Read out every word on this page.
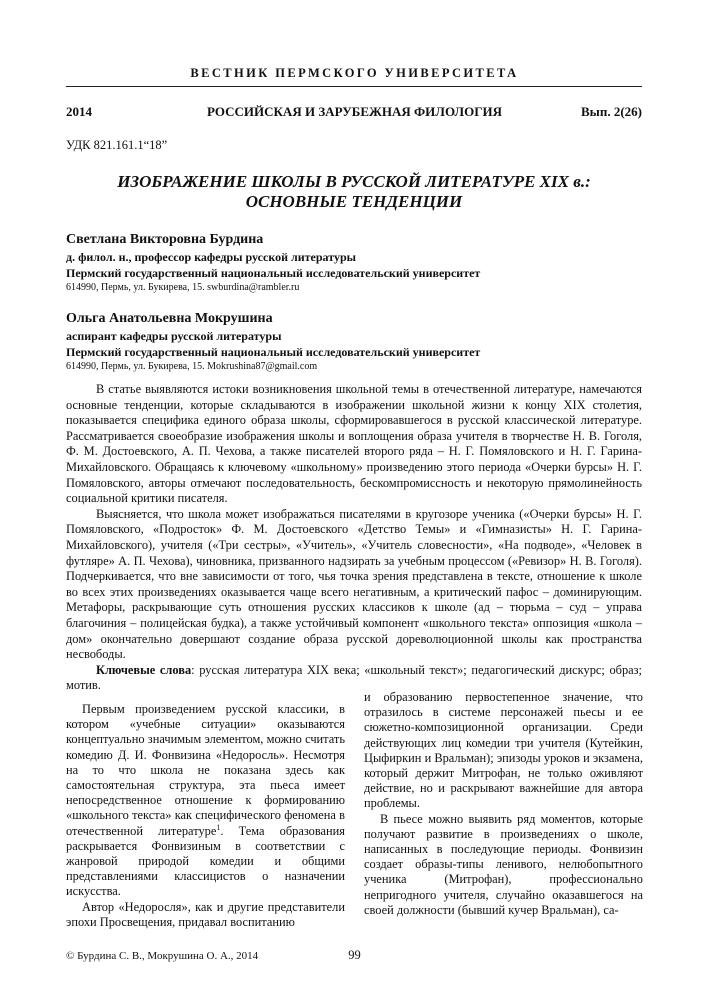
ВЕСТНИК ПЕРМСКОГО УНИВЕРСИТЕТА
2014	РОССИЙСКАЯ И ЗАРУБЕЖНАЯ ФИЛОЛОГИЯ	Вып. 2(26)
УДК 821.161.1“18”
ИЗОБРАЖЕНИЕ ШКОЛЫ В РУССКОЙ ЛИТЕРАТУРЕ XIX в.:
ОСНОВНЫЕ ТЕНДЕНЦИИ
Светлана Викторовна Бурдина
д. филол. н., профессор кафедры русской литературы
Пермский государственный национальный исследовательский университет
614990, Пермь, ул. Букирева, 15. swburdina@rambler.ru
Ольга Анатольевна Мокрушина
аспирант кафедры русской литературы
Пермский государственный национальный исследовательский университет
614990, Пермь, ул. Букирева, 15. Mokrushina87@gmail.com

В статье выявляются истоки возникновения школьной темы в отечественной литературе, намечаются основные тенденции, которые складываются в изображении школьной жизни к концу XIX столетия, показывается специфика единого образа школы, сформировавшегося в русской классической литературе. Рассматривается своеобразие изображения школы и воплощения образа учителя в творчестве Н. В. Гоголя, Ф. М. Достоевского, А. П. Чехова, а также писателей второго ряда – Н. Г. Помяловского и Н. Г. Гарина-Михайловского. Обращаясь к ключевому «школьному» произведению этого периода «Очерки бурсы» Н. Г. Помяловского, авторы отмечают последовательность, бескомпромиссность и некоторую прямолинейность социальной критики писателя.

Выясняется, что школа может изображаться писателями в кругозоре ученика («Очерки бурсы» Н. Г. Помяловского, «Подросток» Ф. М. Достоевского «Детство Темы» и «Гимназисты» Н. Г. Гарина-Михайловского), учителя («Три сестры», «Учитель», «Учитель словесности», «На подводе», «Человек в футляре» А. П. Чехова), чиновника, призванного надзирать за учебным процессом («Ревизор» Н. В. Гоголя). Подчеркивается, что вне зависимости от того, чья точка зрения представлена в тексте, отношение к школе во всех этих произведениях оказывается чаще всего негативным, а критический пафос – доминирующим. Метафоры, раскрывающие суть отношения русских классиков к школе (ад – тюрьма – суд – управа благочиния – полицейская будка), а также устойчивый компонент «школьного текста» оппозиция «школа – дом» окончательно довершают создание образа русской дореволюционной школы как пространства несвободы.

Ключевые слова: русская литература XIX века; «школьный текст»; педагогический дискурс; образ; мотив.

Первым произведением русской классики, в котором «учебные ситуации» оказываются концептуально значимым элементом, можно считать комедию Д. И. Фонвизина «Недоросль». Несмотря на то что школа не показана здесь как самостоятельная структура, эта пьеса имеет непосредственное отношение к формированию «школьного текста» как специфического феномена в отечественной литературе$^1$. Тема образования раскрывается Фонвизиным в соответствии с жанровой природой комедии и общими представлениями классицистов о назначении искусства.

Автор «Недоросля», как и другие представители эпохи Просвещения, придавал воспитанию

и образованию первостепенное значение, что отразилось в системе персонажей пьесы и ее сюжетно-композиционной организации. Среди действующих лиц комедии три учителя (Кутейкин, Цыфиркин и Вральман); эпизоды уроков и экзамена, который держит Митрофан, не только оживляют действие, но и раскрывают важнейшие для автора проблемы.

В пьесе можно выявить ряд моментов, которые получают развитие в произведениях о школе, написанных в последующие периоды. Фонвизин создает образы-типы ленивого, нелюбопытного ученика (Митрофан), профессионально непригодного учителя, случайно оказавшегося на своей должности (бывший кучер Вральман), са-

© Бурдина С. В., Мокрушина О. А., 2014	99
